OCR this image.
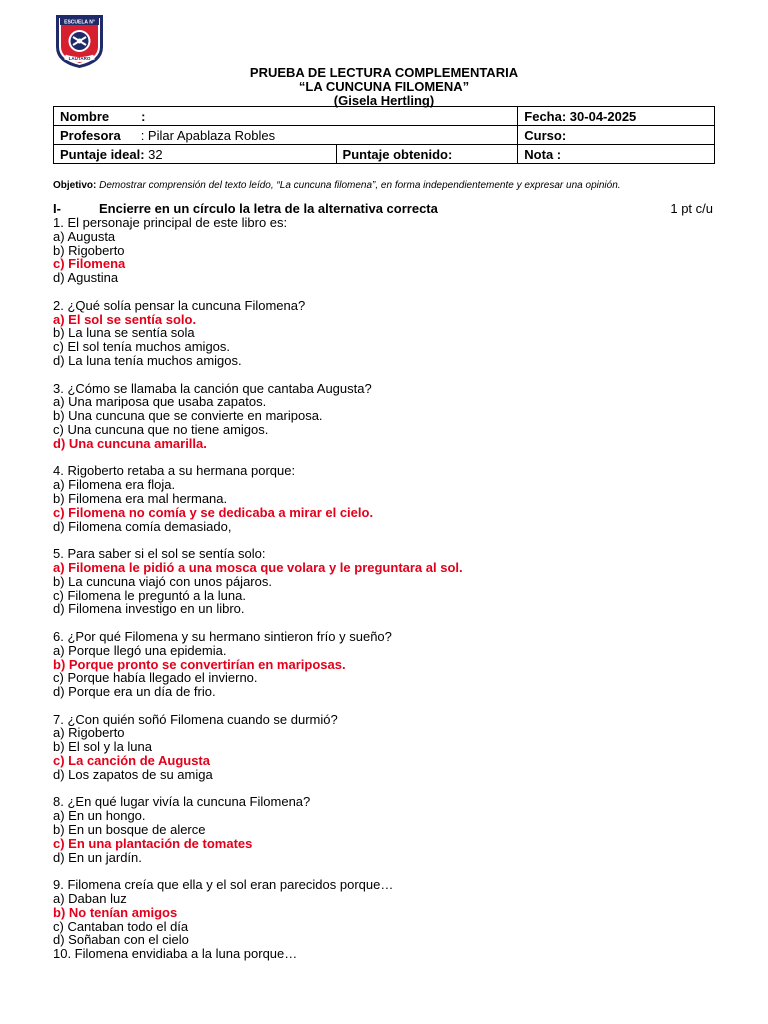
ESCUELA N°
LAUTARO
PRUEBA DE LECTURA COMPLEMENTARIA
“LA CUNCUNA FILOMENA”
(Gisela Hertling)
Nombre :		Fecha: 30-04-2025
Profesora : Pilar Apablaza Robles		Curso:
Puntaje ideal: 32	Puntaje obtenido:	Nota :
Objetivo: Demostrar comprensión del texto leído, “La cuncuna filomena”, en forma independientemente y expresar una opinión.
I-	Encierre en un círculo la letra de la alternativa correcta	1 pt c/u
1. El personaje principal de este libro es:
a) Augusta
b) Rigoberto
c) Filomena
d) Agustina
2. ¿Qué solía pensar la cuncuna Filomena?
a) El sol se sentía solo.
b) La luna se sentía sola
c) El sol tenía muchos amigos.
d) La luna tenía muchos amigos.
3. ¿Cómo se llamaba la canción que cantaba Augusta?
a) Una mariposa que usaba zapatos.
b) Una cuncuna que se convierte en mariposa.
c) Una cuncuna que no tiene amigos.
d) Una cuncuna amarilla.
4. Rigoberto retaba a su hermana porque:
a) Filomena era floja.
b) Filomena era mal hermana.
c) Filomena no comía y se dedicaba a mirar el cielo.
d) Filomena comía demasiado,
5. Para saber si el sol se sentía solo:
a) Filomena le pidió a una mosca que volara y le preguntara al sol.
b) La cuncuna viajó con unos pájaros.
c) Filomena le preguntó a la luna.
d) Filomena investigo en un libro.
6. ¿Por qué Filomena y su hermano sintieron frío y sueño?
a) Porque llegó una epidemia.
b) Porque pronto se convertirían en mariposas.
c) Porque había llegado el invierno.
d) Porque era un día de frio.
7. ¿Con quién soñó Filomena cuando se durmió?
a) Rigoberto
b) El sol y la luna
c) La canción de Augusta
d) Los zapatos de su amiga
8. ¿En qué lugar vivía la cuncuna Filomena?
a) En un hongo.
b) En un bosque de alerce
c) En una plantación de tomates
d) En un jardín.
9. Filomena creía que ella y el sol eran parecidos porque…
a) Daban luz
b) No tenían amigos
c) Cantaban todo el día
d) Soñaban con el cielo
10. Filomena envidiaba a la luna porque…
